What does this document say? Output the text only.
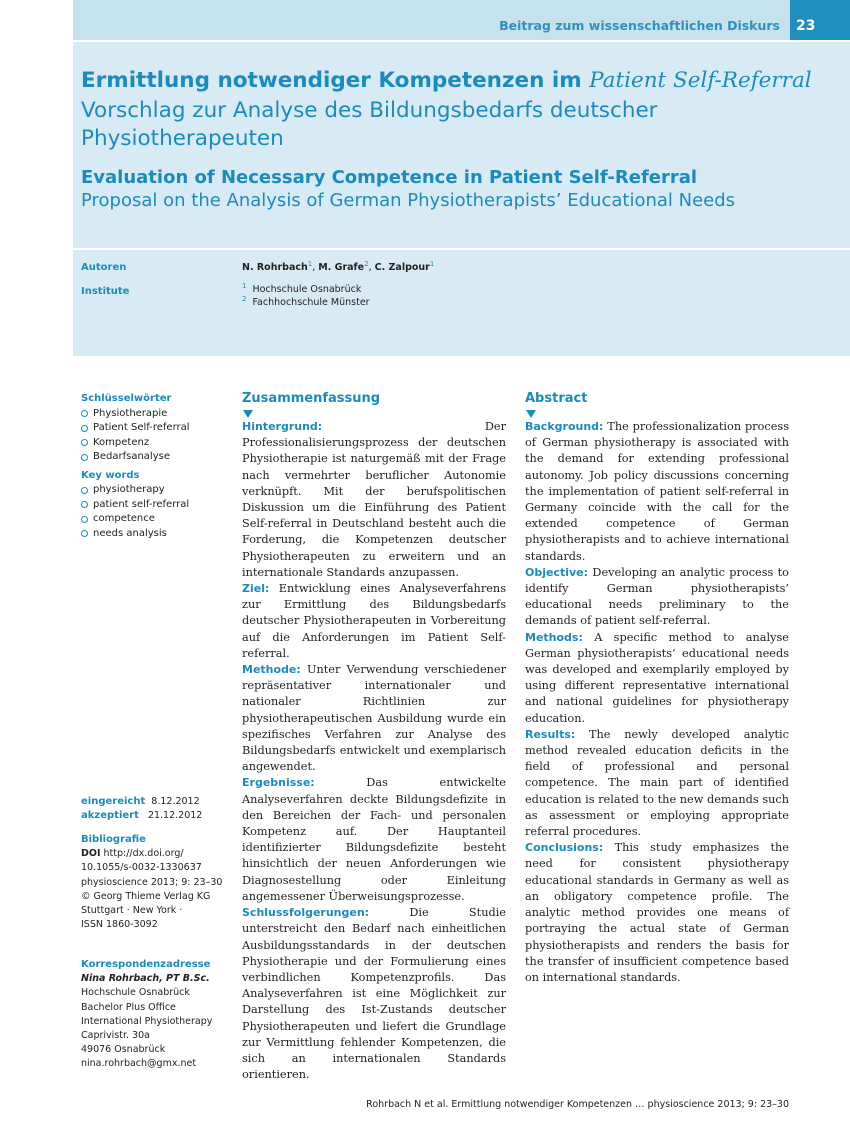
Beitrag zum wissenschaftlichen Diskurs	23
Ermittlung notwendiger Kompetenzen im Patient Self-Referral
Vorschlag zur Analyse des Bildungsbedarfs deutscher Physiotherapeuten
Evaluation of Necessary Competence in Patient Self-Referral
Proposal on the Analysis of German Physiotherapists’ Educational Needs
Autoren	N. Rohrbach$^1$, M. Grafe$^2$, C. Zalpour$^1$
Institute
$^1$ Hochschule Osnabrück
$^2$ Fachhochschule Münster
Schlüsselwörter
Physiotherapie
Patient Self-referral
Kompetenz
Bedarfsanalyse
Key words
physiotherapy
patient self-referral
competence
needs analysis
eingereicht 8.12.2012
akzeptiert 21.12.2012
Bibliografie
DOI http://dx.doi.org/
10.1055/s-0032-1330637
physioscience 2013; 9: 23–30
© Georg Thieme Verlag KG
Stuttgart · New York ·
ISSN 1860-3092
Korrespondenzadresse
Nina Rohrbach, PT B.Sc.
Hochschule Osnabrück
Bachelor Plus Office
International Physiotherapy
Caprivistr. 30a
49076 Osnabrück
nina.rohrbach@gmx.net
Zusammenfassung

Hintergrund: Der Professionalisierungsprozess der deutschen Physiotherapie ist naturgemäß mit der Frage nach vermehrter beruflicher Autonomie verknüpft. Mit der berufspolitischen Diskussion um die Einführung des Patient Self-referral in Deutschland besteht auch die Forderung, die Kompetenzen deutscher Physiotherapeuten zu erweitern und an internationale Standards anzupassen.

Ziel: Entwicklung eines Analyseverfahrens zur Ermittlung des Bildungsbedarfs deutscher Physiotherapeuten in Vorbereitung auf die Anforderungen im Patient Self-referral.

Methode: Unter Verwendung verschiedener repräsentativer internationaler und nationaler Richtlinien zur physiotherapeutischen Ausbildung wurde ein spezifisches Verfahren zur Analyse des Bildungsbedarfs entwickelt und exemplarisch angewendet.

Ergebnisse: Das entwickelte Analyseverfahren deckte Bildungsdefizite in den Bereichen der Fach- und personalen Kompetenz auf. Der Hauptanteil identifizierter Bildungsdefizite besteht hinsichtlich der neuen Anforderungen wie Diagnosestellung oder Einleitung angemessener Überweisungsprozesse.

Schlussfolgerungen: Die Studie unterstreicht den Bedarf nach einheitlichen Ausbildungsstandards in der deutschen Physiotherapie und der Formulierung eines verbindlichen Kompetenzprofils. Das Analyseverfahren ist eine Möglichkeit zur Darstellung des Ist-Zustands deutscher Physiotherapeuten und liefert die Grundlage zur Vermittlung fehlender Kompetenzen, die sich an internationalen Standards orientieren.

Abstract

Background: The professionalization process of German physiotherapy is associated with the demand for extending professional autonomy. Job policy discussions concerning the implementation of patient self-referral in Germany coincide with the call for the extended competence of German physiotherapists and to achieve international standards.

Objective: Developing an analytic process to identify German physiotherapists’ educational needs preliminary to the demands of patient self-referral.

Methods: A specific method to analyse German physiotherapists’ educational needs was developed and exemplarily employed by using different representative international and national guidelines for physiotherapy education.

Results: The newly developed analytic method revealed education deficits in the field of professional and personal competence. The main part of identified education is related to the new demands such as assessment or employing appropriate referral procedures.

Conclusions: This study emphasizes the need for consistent physiotherapy educational standards in Germany as well as an obligatory competence profile. The analytic method provides one means of portraying the actual state of German physiotherapists and renders the basis for the transfer of insufficient competence based on international standards.

Rohrbach N et al. Ermittlung notwendiger Kompetenzen … physioscience 2013; 9: 23–30
